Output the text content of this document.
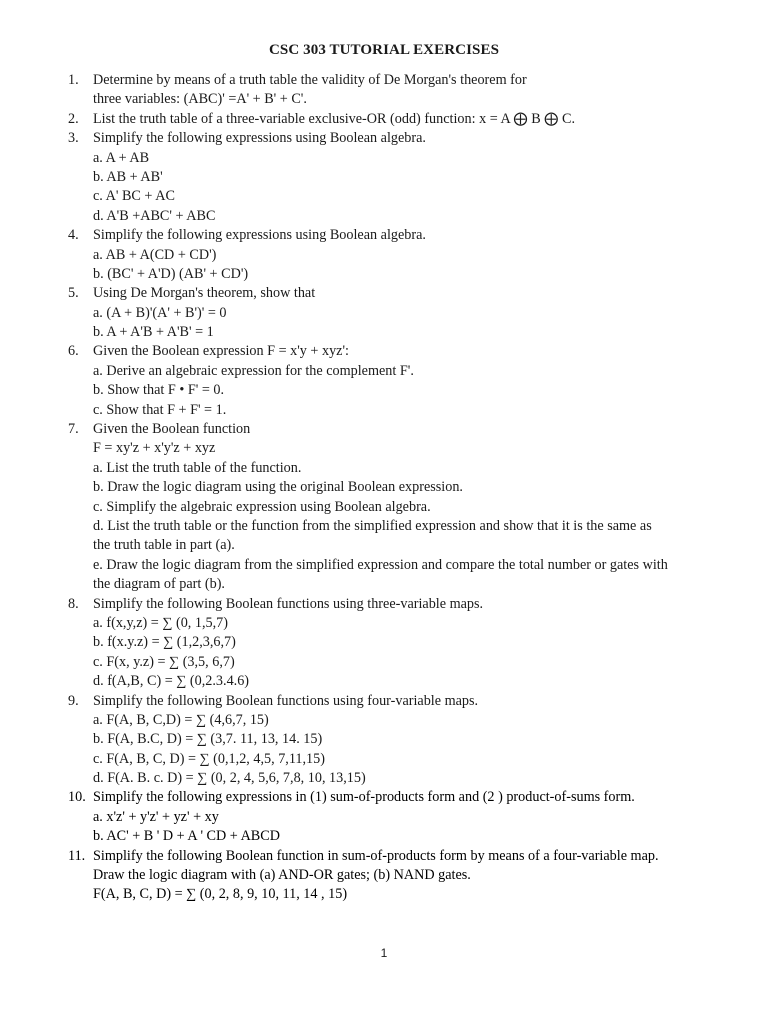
CSC 303 TUTORIAL EXERCISES
1.	Determine by means of a truth table the validity of De Morgan's theorem for
three variables: (ABC)' =A' + B' + C'.
2.	List the truth table of a three-variable exclusive-OR (odd) function: x = A ⨁ B ⨁ C.
3.	Simplify the following expressions using Boolean algebra.
a. A + AB
b. AB + AB'
c. A' BC + AC
d. A'B +ABC' + ABC
4.	Simplify the following expressions using Boolean algebra.
a. AB + A(CD + CD')
b. (BC' + A'D) (AB' + CD')
5.	Using De Morgan's theorem, show that
a. (A + B)'(A' + B')' = 0
b. A + A'B + A'B' = 1
6.	Given the Boolean expression F = x'y + xyz':
a. Derive an algebraic expression for the complement F'.
b. Show that F • F' = 0.
c. Show that F + F' = 1.
7.	Given the Boolean function
F = xy'z + x'y'z + xyz
a. List the truth table of the function.
b. Draw the logic diagram using the original Boolean expression.
c. Simplify the algebraic expression using Boolean algebra.
d. List the truth table or the function from the simplified expression and show that it is the same as
the truth table in part (a).
e. Draw the logic diagram from the simplified expression and compare the total number or gates with
the diagram of part (b).
8.	Simplify the following Boolean functions using three-variable maps.
a. f(x,y,z) = ∑ (0, 1,5,7)
b. f(x.y.z) = ∑ (1,2,3,6,7)
c. F(x, y.z) = ∑ (3,5, 6,7)
d. f(A,B, C) = ∑ (0,2.3.4.6)
9.	Simplify the following Boolean functions using four-variable maps.
a. F(A, B, C,D) = ∑ (4,6,7, 15)
b. F(A, B.C, D) = ∑ (3,7. 11, 13, 14. 15)
c. F(A, B, C, D) = ∑ (0,1,2, 4,5, 7,11,15)
d. F(A. B. c. D) = ∑ (0, 2, 4, 5,6, 7,8, 10, 13,15)
10. Simplify the following expressions in (1) sum-of-products form and (2 ) product-of-sums form.
a. x'z' + y'z' + yz' + xy
b. AC' + B ' D + A ' CD + ABCD
11. Simplify the following Boolean function in sum-of-products form by means of a four-variable map.
Draw the logic diagram with (a) AND-OR gates; (b) NAND gates.
F(A, B, C, D) = ∑ (0, 2, 8, 9, 10, 11, 14 , 15)
1
